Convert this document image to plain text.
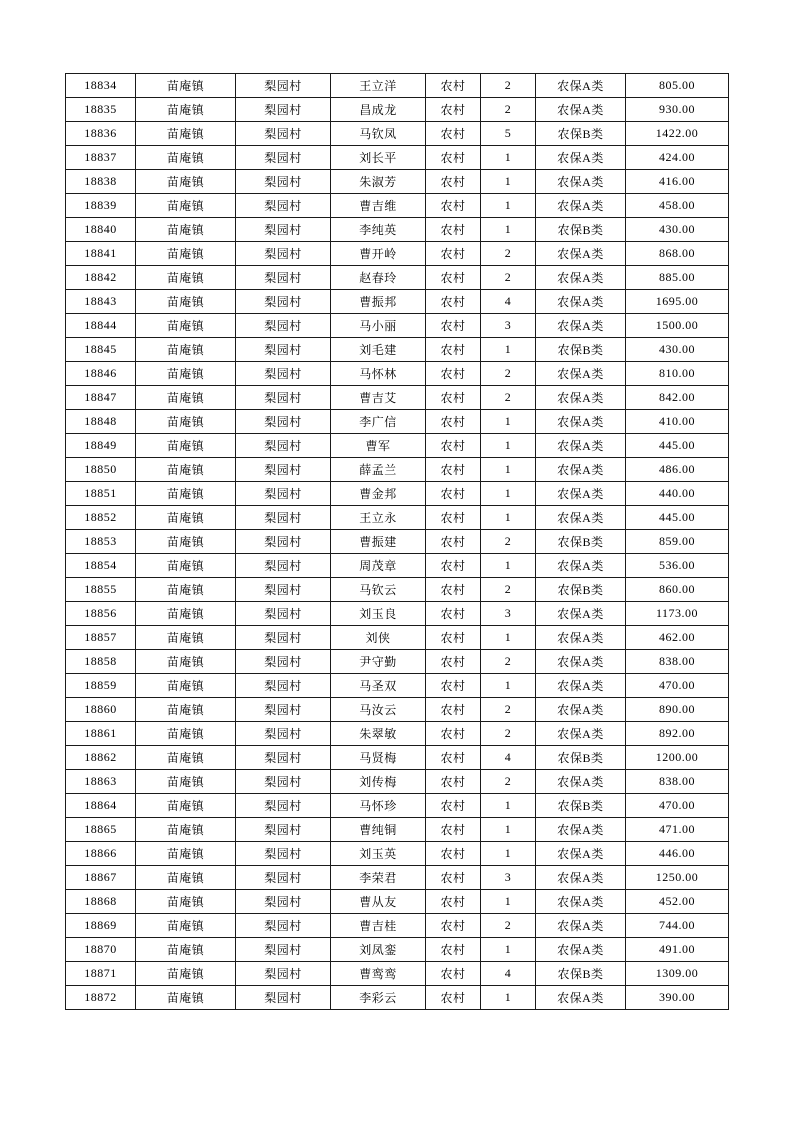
18834	苗庵镇	梨园村	王立洋	农村	2	农保A类	805.00
18835	苗庵镇	梨园村	昌成龙	农村	2	农保A类	930.00
18836	苗庵镇	梨园村	马钦凤	农村	5	农保B类	1422.00
18837	苗庵镇	梨园村	刘长平	农村	1	农保A类	424.00
18838	苗庵镇	梨园村	朱淑芳	农村	1	农保A类	416.00
18839	苗庵镇	梨园村	曹吉维	农村	1	农保A类	458.00
18840	苗庵镇	梨园村	李纯英	农村	1	农保B类	430.00
18841	苗庵镇	梨园村	曹开岭	农村	2	农保A类	868.00
18842	苗庵镇	梨园村	赵春玲	农村	2	农保A类	885.00
18843	苗庵镇	梨园村	曹振邦	农村	4	农保A类	1695.00
18844	苗庵镇	梨园村	马小丽	农村	3	农保A类	1500.00
18845	苗庵镇	梨园村	刘毛建	农村	1	农保B类	430.00
18846	苗庵镇	梨园村	马怀林	农村	2	农保A类	810.00
18847	苗庵镇	梨园村	曹吉艾	农村	2	农保A类	842.00
18848	苗庵镇	梨园村	李广信	农村	1	农保A类	410.00
18849	苗庵镇	梨园村	曹军	农村	1	农保A类	445.00
18850	苗庵镇	梨园村	薛孟兰	农村	1	农保A类	486.00
18851	苗庵镇	梨园村	曹金邦	农村	1	农保A类	440.00
18852	苗庵镇	梨园村	王立永	农村	1	农保A类	445.00
18853	苗庵镇	梨园村	曹振建	农村	2	农保B类	859.00
18854	苗庵镇	梨园村	周茂章	农村	1	农保A类	536.00
18855	苗庵镇	梨园村	马钦云	农村	2	农保B类	860.00
18856	苗庵镇	梨园村	刘玉良	农村	3	农保A类	1173.00
18857	苗庵镇	梨园村	刘侠	农村	1	农保A类	462.00
18858	苗庵镇	梨园村	尹守勤	农村	2	农保A类	838.00
18859	苗庵镇	梨园村	马圣双	农村	1	农保A类	470.00
18860	苗庵镇	梨园村	马汝云	农村	2	农保A类	890.00
18861	苗庵镇	梨园村	朱翠敏	农村	2	农保A类	892.00
18862	苗庵镇	梨园村	马贤梅	农村	4	农保B类	1200.00
18863	苗庵镇	梨园村	刘传梅	农村	2	农保A类	838.00
18864	苗庵镇	梨园村	马怀珍	农村	1	农保B类	470.00
18865	苗庵镇	梨园村	曹纯铜	农村	1	农保A类	471.00
18866	苗庵镇	梨园村	刘玉英	农村	1	农保A类	446.00
18867	苗庵镇	梨园村	李荣君	农村	3	农保A类	1250.00
18868	苗庵镇	梨园村	曹从友	农村	1	农保A类	452.00
18869	苗庵镇	梨园村	曹吉桂	农村	2	农保A类	744.00
18870	苗庵镇	梨园村	刘凤銮	农村	1	农保A类	491.00
18871	苗庵镇	梨园村	曹鸾鸾	农村	4	农保B类	1309.00
18872	苗庵镇	梨园村	李彩云	农村	1	农保A类	390.00
